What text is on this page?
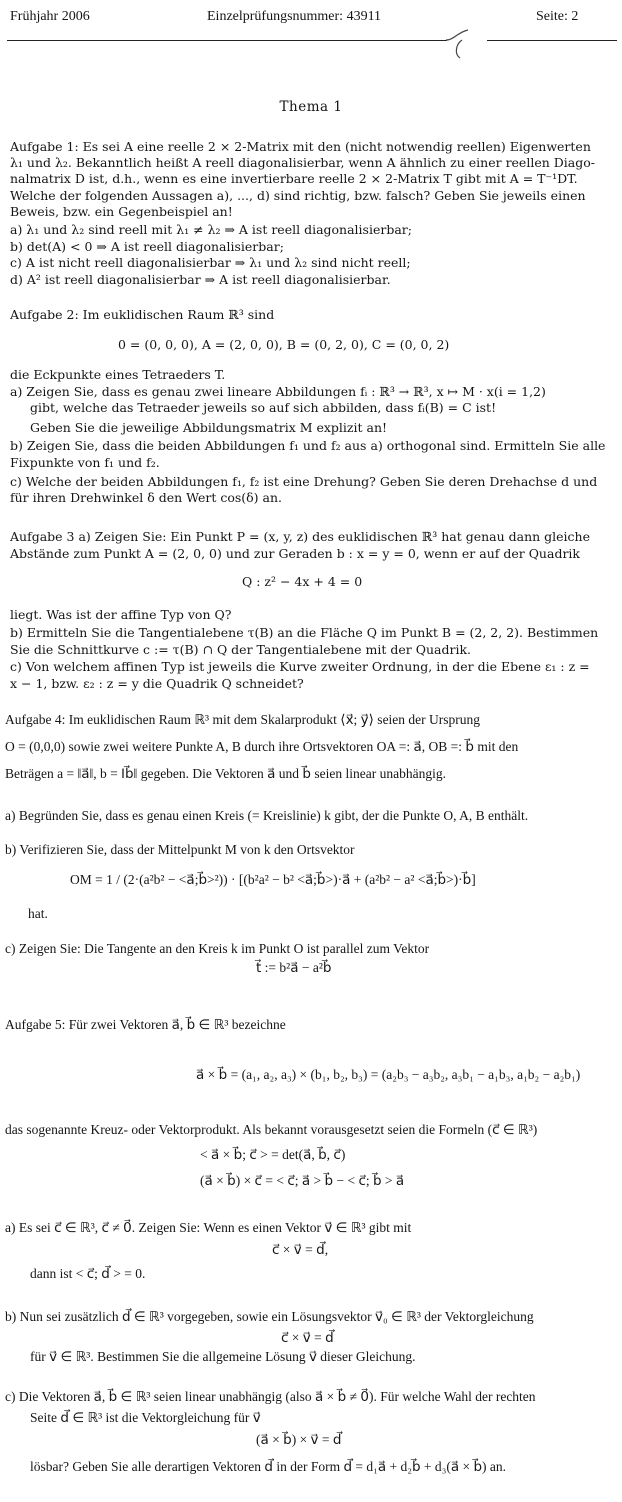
Frühjahr 2006	Einzelprüfungsnummer: 43911	Seite: 2
Thema 1
Aufgabe 1: Es sei A eine reelle 2 × 2-Matrix mit den (nicht notwendig reellen) Eigenwerten
λ₁ und λ₂. Bekanntlich heißt A reell diagonalisierbar, wenn A ähnlich zu einer reellen Diago-
nalmatrix D ist, d.h., wenn es eine invertierbare reelle 2 × 2-Matrix T gibt mit A = T⁻¹DT.
Welche der folgenden Aussagen a), ..., d) sind richtig, bzw. falsch? Geben Sie jeweils einen
Beweis, bzw. ein Gegenbeispiel an!
a) λ₁ und λ₂ sind reell mit λ₁ ≠ λ₂ ⇒ A ist reell diagonalisierbar;
b) det(A) < 0 ⇒ A ist reell diagonalisierbar;
c) A ist nicht reell diagonalisierbar ⇒ λ₁ und λ₂ sind nicht reell;
d) A² ist reell diagonalisierbar ⇒ A ist reell diagonalisierbar.
Aufgabe 2: Im euklidischen Raum ℝ³ sind
0 = (0, 0, 0), A = (2, 0, 0), B = (0, 2, 0), C = (0, 0, 2)
die Eckpunkte eines Tetraeders T.
a) Zeigen Sie, dass es genau zwei lineare Abbildungen fᵢ : ℝ³ → ℝ³, x ↦ M · x(i = 1,2)
gibt, welche das Tetraeder jeweils so auf sich abbilden, dass fᵢ(B) = C ist!
Geben Sie die jeweilige Abbildungsmatrix M explizit an!
b) Zeigen Sie, dass die beiden Abbildungen f₁ und f₂ aus a) orthogonal sind. Ermitteln Sie alle
Fixpunkte von f₁ und f₂.
c) Welche der beiden Abbildungen f₁, f₂ ist eine Drehung? Geben Sie deren Drehachse d und
für ihren Drehwinkel δ den Wert cos(δ) an.
Aufgabe 3 a) Zeigen Sie: Ein Punkt P = (x, y, z) des euklidischen ℝ³ hat genau dann gleiche
Abstände zum Punkt A = (2, 0, 0) und zur Geraden b : x = y = 0, wenn er auf der Quadrik
Q : z² − 4x + 4 = 0
liegt. Was ist der affine Typ von Q?
b) Ermitteln Sie die Tangentialebene τ(B) an die Fläche Q im Punkt B = (2, 2, 2). Bestimmen
Sie die Schnittkurve c := τ(B) ∩ Q der Tangentialebene mit der Quadrik.
c) Von welchem affinen Typ ist jeweils die Kurve zweiter Ordnung, in der die Ebene ε₁ : z =
x − 1, bzw. ε₂ : z = y die Quadrik Q schneidet?
Aufgabe 4: Im euklidischen Raum ℝ³ mit dem Skalarprodukt ⟨x⃗; y⃗⟩ seien der Ursprung
O = (0,0,0) sowie zwei weitere Punkte A, B durch ihre Ortsvektoren OA =: a⃗, OB =: b⃗ mit den
Beträgen a = ‖a⃗‖, b = ‖b⃗‖ gegeben. Die Vektoren a⃗ und b⃗ seien linear unabhängig.
a) Begründen Sie, dass es genau einen Kreis (= Kreislinie) k gibt, der die Punkte O, A, B enthält.
b) Verifizieren Sie, dass der Mittelpunkt M von k den Ortsvektor
OM = 1 / (2·(a²b² − <a⃗;b⃗>²)) · [(b²a² − b² <a⃗;b⃗>)·a⃗ + (a²b² − a² <a⃗;b⃗>)·b⃗]
hat.
c) Zeigen Sie: Die Tangente an den Kreis k im Punkt O ist parallel zum Vektor
t⃗ := b²a⃗ − a²b⃗
Aufgabe 5: Für zwei Vektoren a⃗, b⃗ ∈ ℝ³ bezeichne
a⃗ × b⃗ = (a₁, a₂, a₃) × (b₁, b₂, b₃) = (a₂b₃ − a₃b₂, a₃b₁ − a₁b₃, a₁b₂ − a₂b₁)
das sogenannte Kreuz- oder Vektorprodukt. Als bekannt vorausgesetzt seien die Formeln (c⃗ ∈ ℝ³)
< a⃗ × b⃗; c⃗ > = det(a⃗, b⃗, c⃗)
(a⃗ × b⃗) × c⃗ = < c⃗; a⃗ > b⃗ − < c⃗; b⃗ > a⃗
a) Es sei c⃗ ∈ ℝ³, c⃗ ≠ 0⃗. Zeigen Sie: Wenn es einen Vektor v⃗ ∈ ℝ³ gibt mit
c⃗ × v⃗ = d⃗,
dann ist < c⃗; d⃗ > = 0.
b) Nun sei zusätzlich d⃗ ∈ ℝ³ vorgegeben, sowie ein Lösungsvektor v⃗₀ ∈ ℝ³ der Vektorgleichung
c⃗ × v⃗ = d⃗
für v⃗ ∈ ℝ³. Bestimmen Sie die allgemeine Lösung v⃗ dieser Gleichung.
c) Die Vektoren a⃗, b⃗ ∈ ℝ³ seien linear unabhängig (also a⃗ × b⃗ ≠ 0⃗). Für welche Wahl der rechten
Seite d⃗ ∈ ℝ³ ist die Vektorgleichung für v⃗
(a⃗ × b⃗) × v⃗ = d⃗
lösbar? Geben Sie alle derartigen Vektoren d⃗ in der Form d⃗ = d₁a⃗ + d₂b⃗ + d₃(a⃗ × b⃗) an.
